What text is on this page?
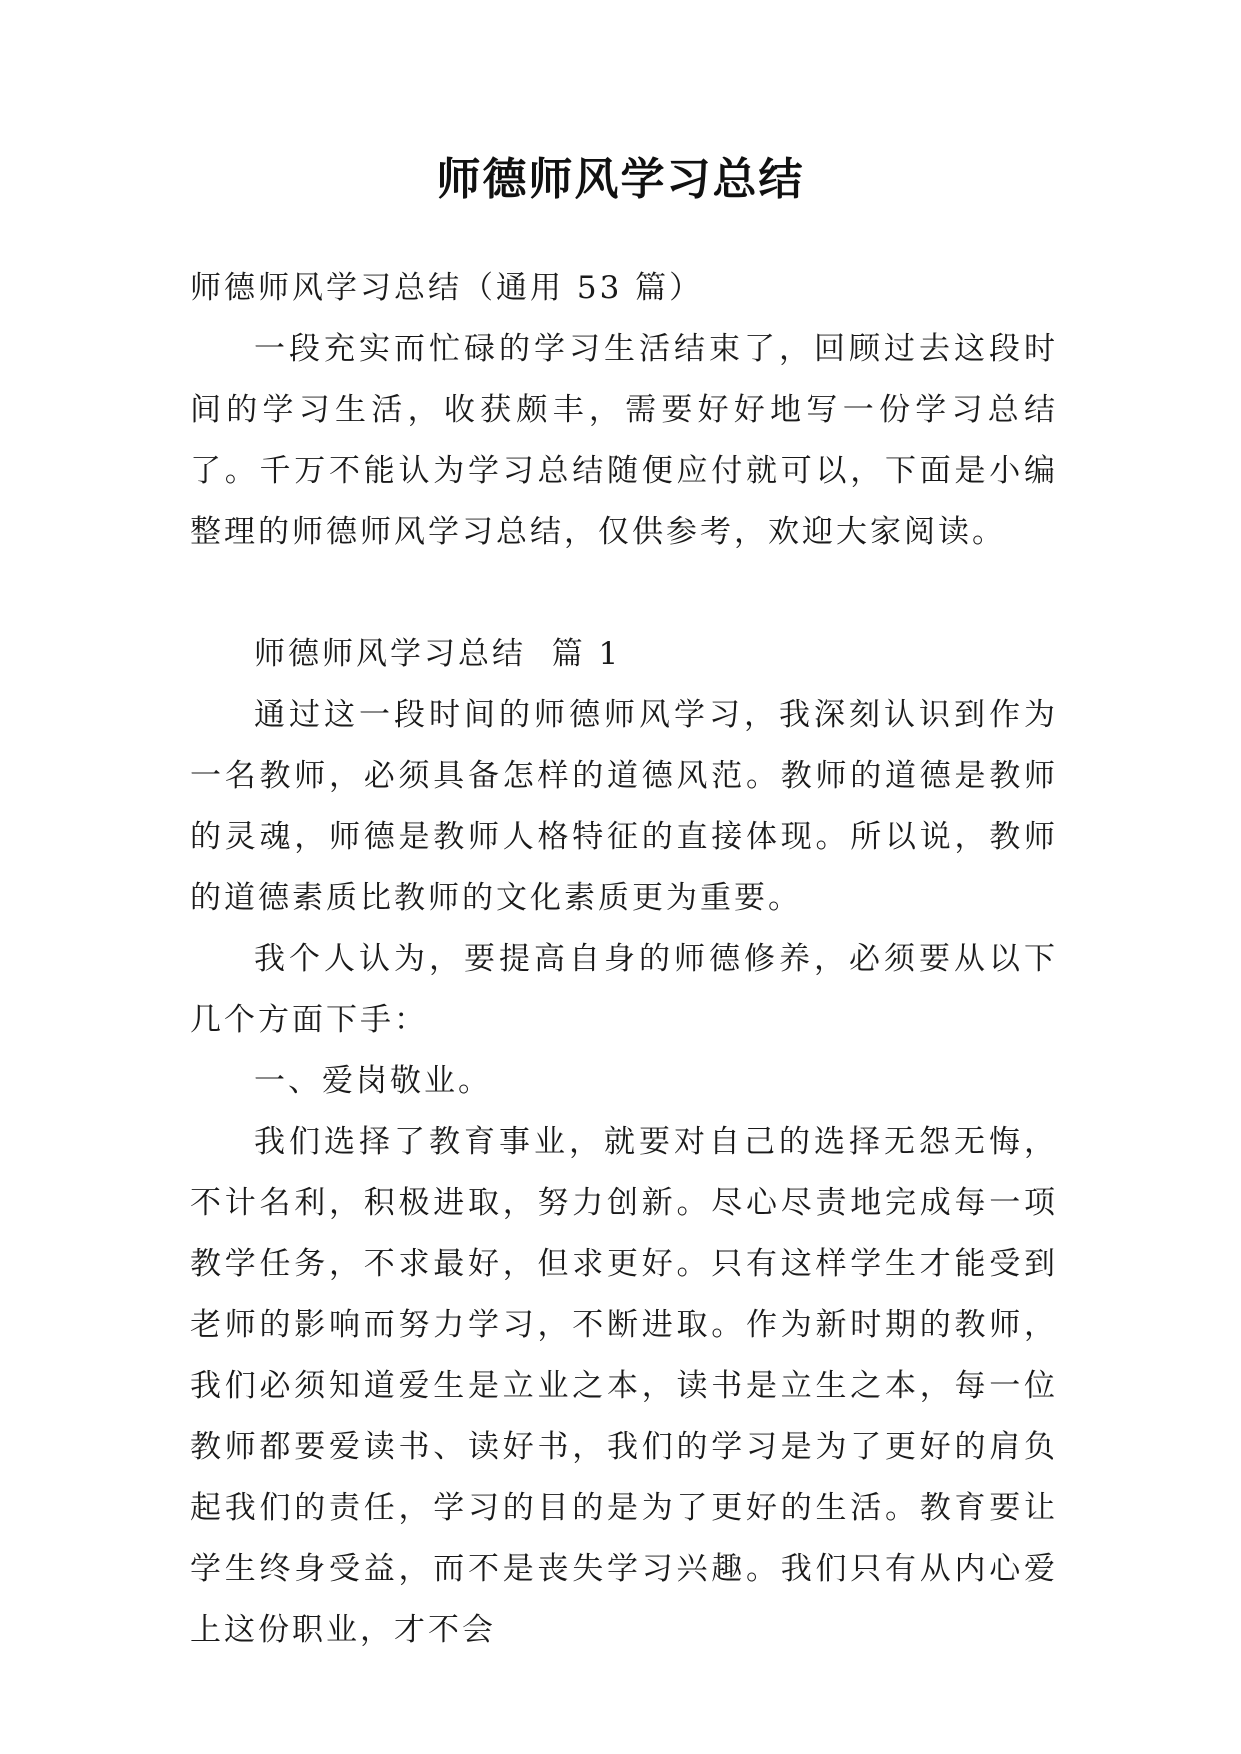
师德师风学习总结

师德师风学习总结（通用 53 篇）

一段充实而忙碌的学习生活结束了，回顾过去这段时间的学习生活，收获颇丰，需要好好地写一份学习总结了。千万不能认为学习总结随便应付就可以，下面是小编整理的师德师风学习总结，仅供参考，欢迎大家阅读。

师德师风学习总结  篇 1

通过这一段时间的师德师风学习，我深刻认识到作为一名教师，必须具备怎样的道德风范。教师的道德是教师的灵魂，师德是教师人格特征的直接体现。所以说，教师的道德素质比教师的文化素质更为重要。

我个人认为，要提高自身的师德修养，必须要从以下几个方面下手：

一、爱岗敬业。

我们选择了教育事业，就要对自己的选择无怨无悔，不计名利，积极进取，努力创新。尽心尽责地完成每一项教学任务，不求最好，但求更好。只有这样学生才能受到老师的影响而努力学习，不断进取。作为新时期的教师，我们必须知道爱生是立业之本，读书是立生之本，每一位教师都要爱读书、读好书，我们的学习是为了更好的肩负起我们的责任，学习的目的是为了更好的生活。教育要让学生终身受益，而不是丧失学习兴趣。我们只有从内心爱上这份职业，才不会
